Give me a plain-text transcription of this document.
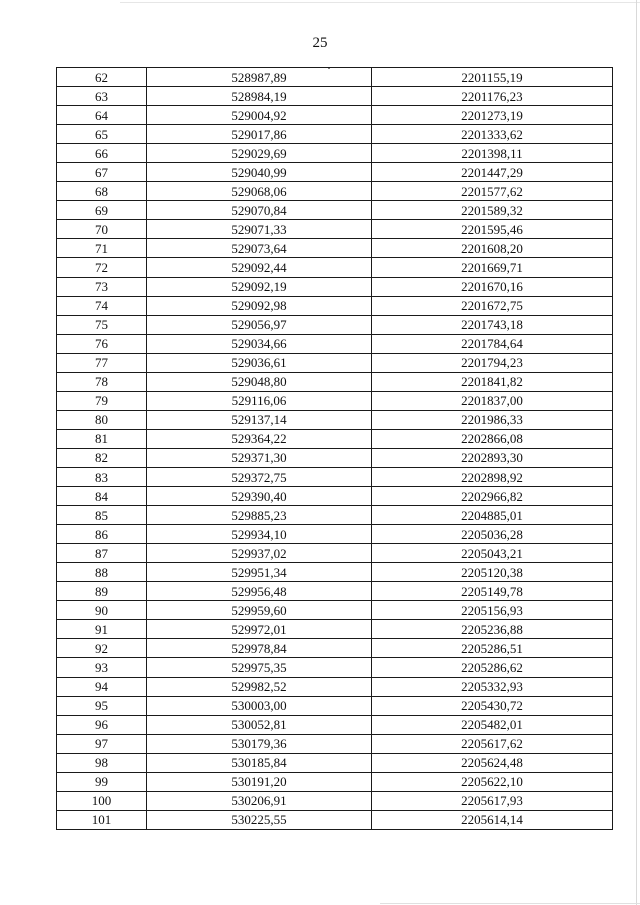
25
62	528987,89	2201155,19
63	528984,19	2201176,23
64	529004,92	2201273,19
65	529017,86	2201333,62
66	529029,69	2201398,11
67	529040,99	2201447,29
68	529068,06	2201577,62
69	529070,84	2201589,32
70	529071,33	2201595,46
71	529073,64	2201608,20
72	529092,44	2201669,71
73	529092,19	2201670,16
74	529092,98	2201672,75
75	529056,97	2201743,18
76	529034,66	2201784,64
77	529036,61	2201794,23
78	529048,80	2201841,82
79	529116,06	2201837,00
80	529137,14	2201986,33
81	529364,22	2202866,08
82	529371,30	2202893,30
83	529372,75	2202898,92
84	529390,40	2202966,82
85	529885,23	2204885,01
86	529934,10	2205036,28
87	529937,02	2205043,21
88	529951,34	2205120,38
89	529956,48	2205149,78
90	529959,60	2205156,93
91	529972,01	2205236,88
92	529978,84	2205286,51
93	529975,35	2205286,62
94	529982,52	2205332,93
95	530003,00	2205430,72
96	530052,81	2205482,01
97	530179,36	2205617,62
98	530185,84	2205624,48
99	530191,20	2205622,10
100	530206,91	2205617,93
101	530225,55	2205614,14
